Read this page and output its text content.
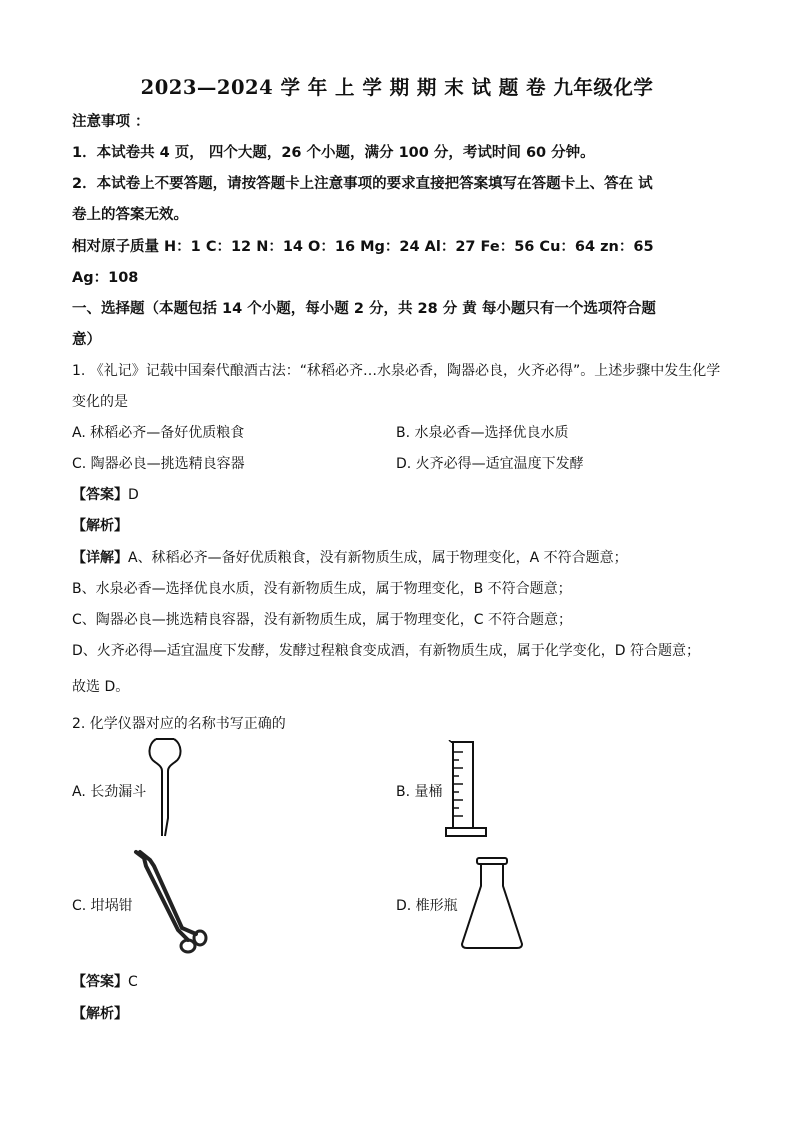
2023—2024 学 年 上 学 期 期 末 试 题 卷 九年级化学
注意事项 ：
1．本试卷共 4 页， 四个大题，26 个小题，满分 100 分，考试时间 60 分钟。
2．本试卷上不要答题，请按答题卡上注意事项的要求直接把答案填写在答题卡上、答在 试
卷上的答案无效。
相对原子质量 H：1 C：12 N：14 O：16 Mg：24 Al：27 Fe：56 Cu：64 zn：65
Ag：108
一、选择题（本题包括 14 个小题，每小题 2 分，共 28 分 黄 每小题只有一个选项符合题
意）
1. 《礼记》记载中国秦代酿酒古法：“秫稻必齐…水泉必香，陶器必良，火齐必得”。上述步骤中发生化学
变化的是
A. 秫稻必齐—备好优质粮食	B. 水泉必香—选择优良水质
C. 陶器必良—挑选精良容器	D. 火齐必得—适宜温度下发酵
【答案】D
【解析】
【详解】A、秫稻必齐—备好优质粮食，没有新物质生成，属于物理变化，A 不符合题意；
B、水泉必香—选择优良水质，没有新物质生成，属于物理变化，B 不符合题意；
C、陶器必良—挑选精良容器，没有新物质生成，属于物理变化，C 不符合题意；
D、火齐必得—适宜温度下发酵，发酵过程粮食变成酒，有新物质生成，属于化学变化，D 符合题意；
故选 D。
2. 化学仪器对应的名称书写正确的
A. 长劲漏斗	B. 量桶
C. 坩埚钳	D. 椎形瓶
【答案】C
【解析】
